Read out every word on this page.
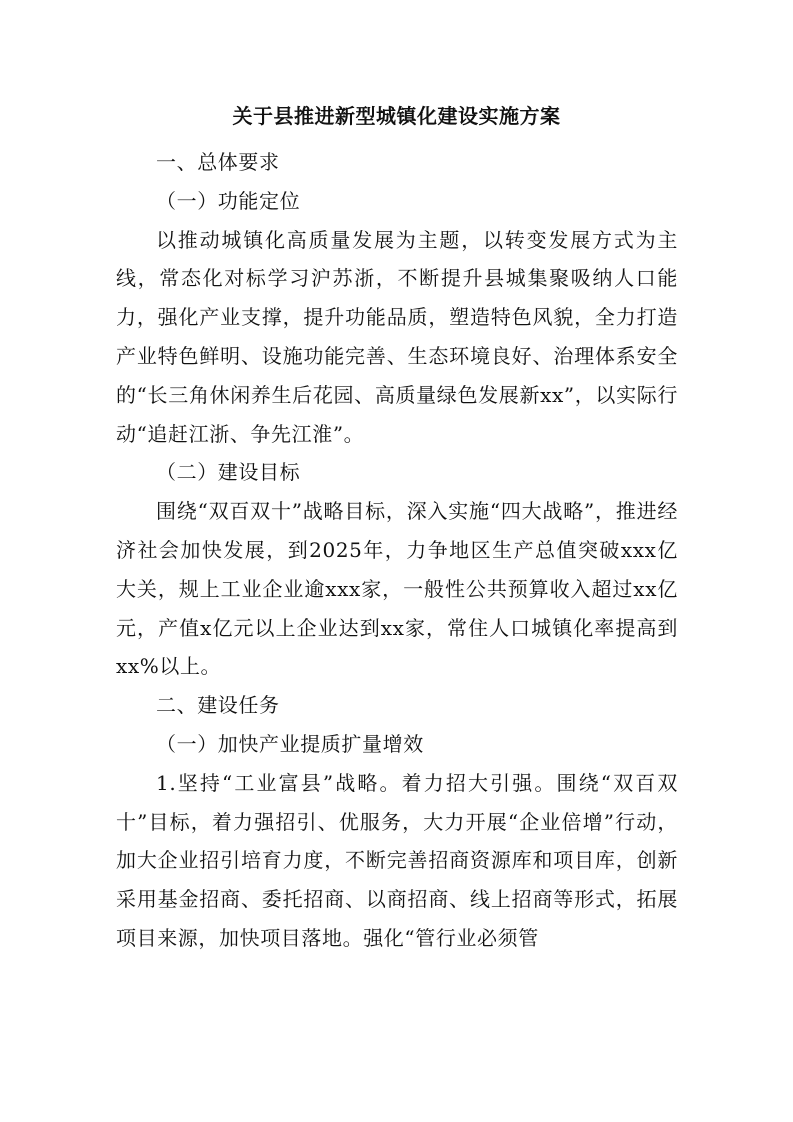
关于县推进新型城镇化建设实施方案

一、总体要求

（一）功能定位

以推动城镇化高质量发展为主题，以转变发展方式为主线，常态化对标学习沪苏浙，不断提升县城集聚吸纳人口能力，强化产业支撑，提升功能品质，塑造特色风貌，全力打造产业特色鲜明、设施功能完善、生态环境良好、治理体系安全的“长三角休闲养生后花园、高质量绿色发展新xx”，以实际行动“追赶江浙、争先江淮”。

（二）建设目标

围绕“双百双十”战略目标，深入实施“四大战略”，推进经济社会加快发展，到2025年，力争地区生产总值突破xxx亿大关，规上工业企业逾xxx家，一般性公共预算收入超过xx亿元，产值x亿元以上企业达到xx家，常住人口城镇化率提高到xx%以上。

二、建设任务

（一）加快产业提质扩量增效

1.坚持“工业富县”战略。着力招大引强。围绕“双百双十”目标，着力强招引、优服务，大力开展“企业倍增”行动，加大企业招引培育力度，不断完善招商资源库和项目库，创新采用基金招商、委托招商、以商招商、线上招商等形式，拓展项目来源，加快项目落地。强化“管行业必须管
